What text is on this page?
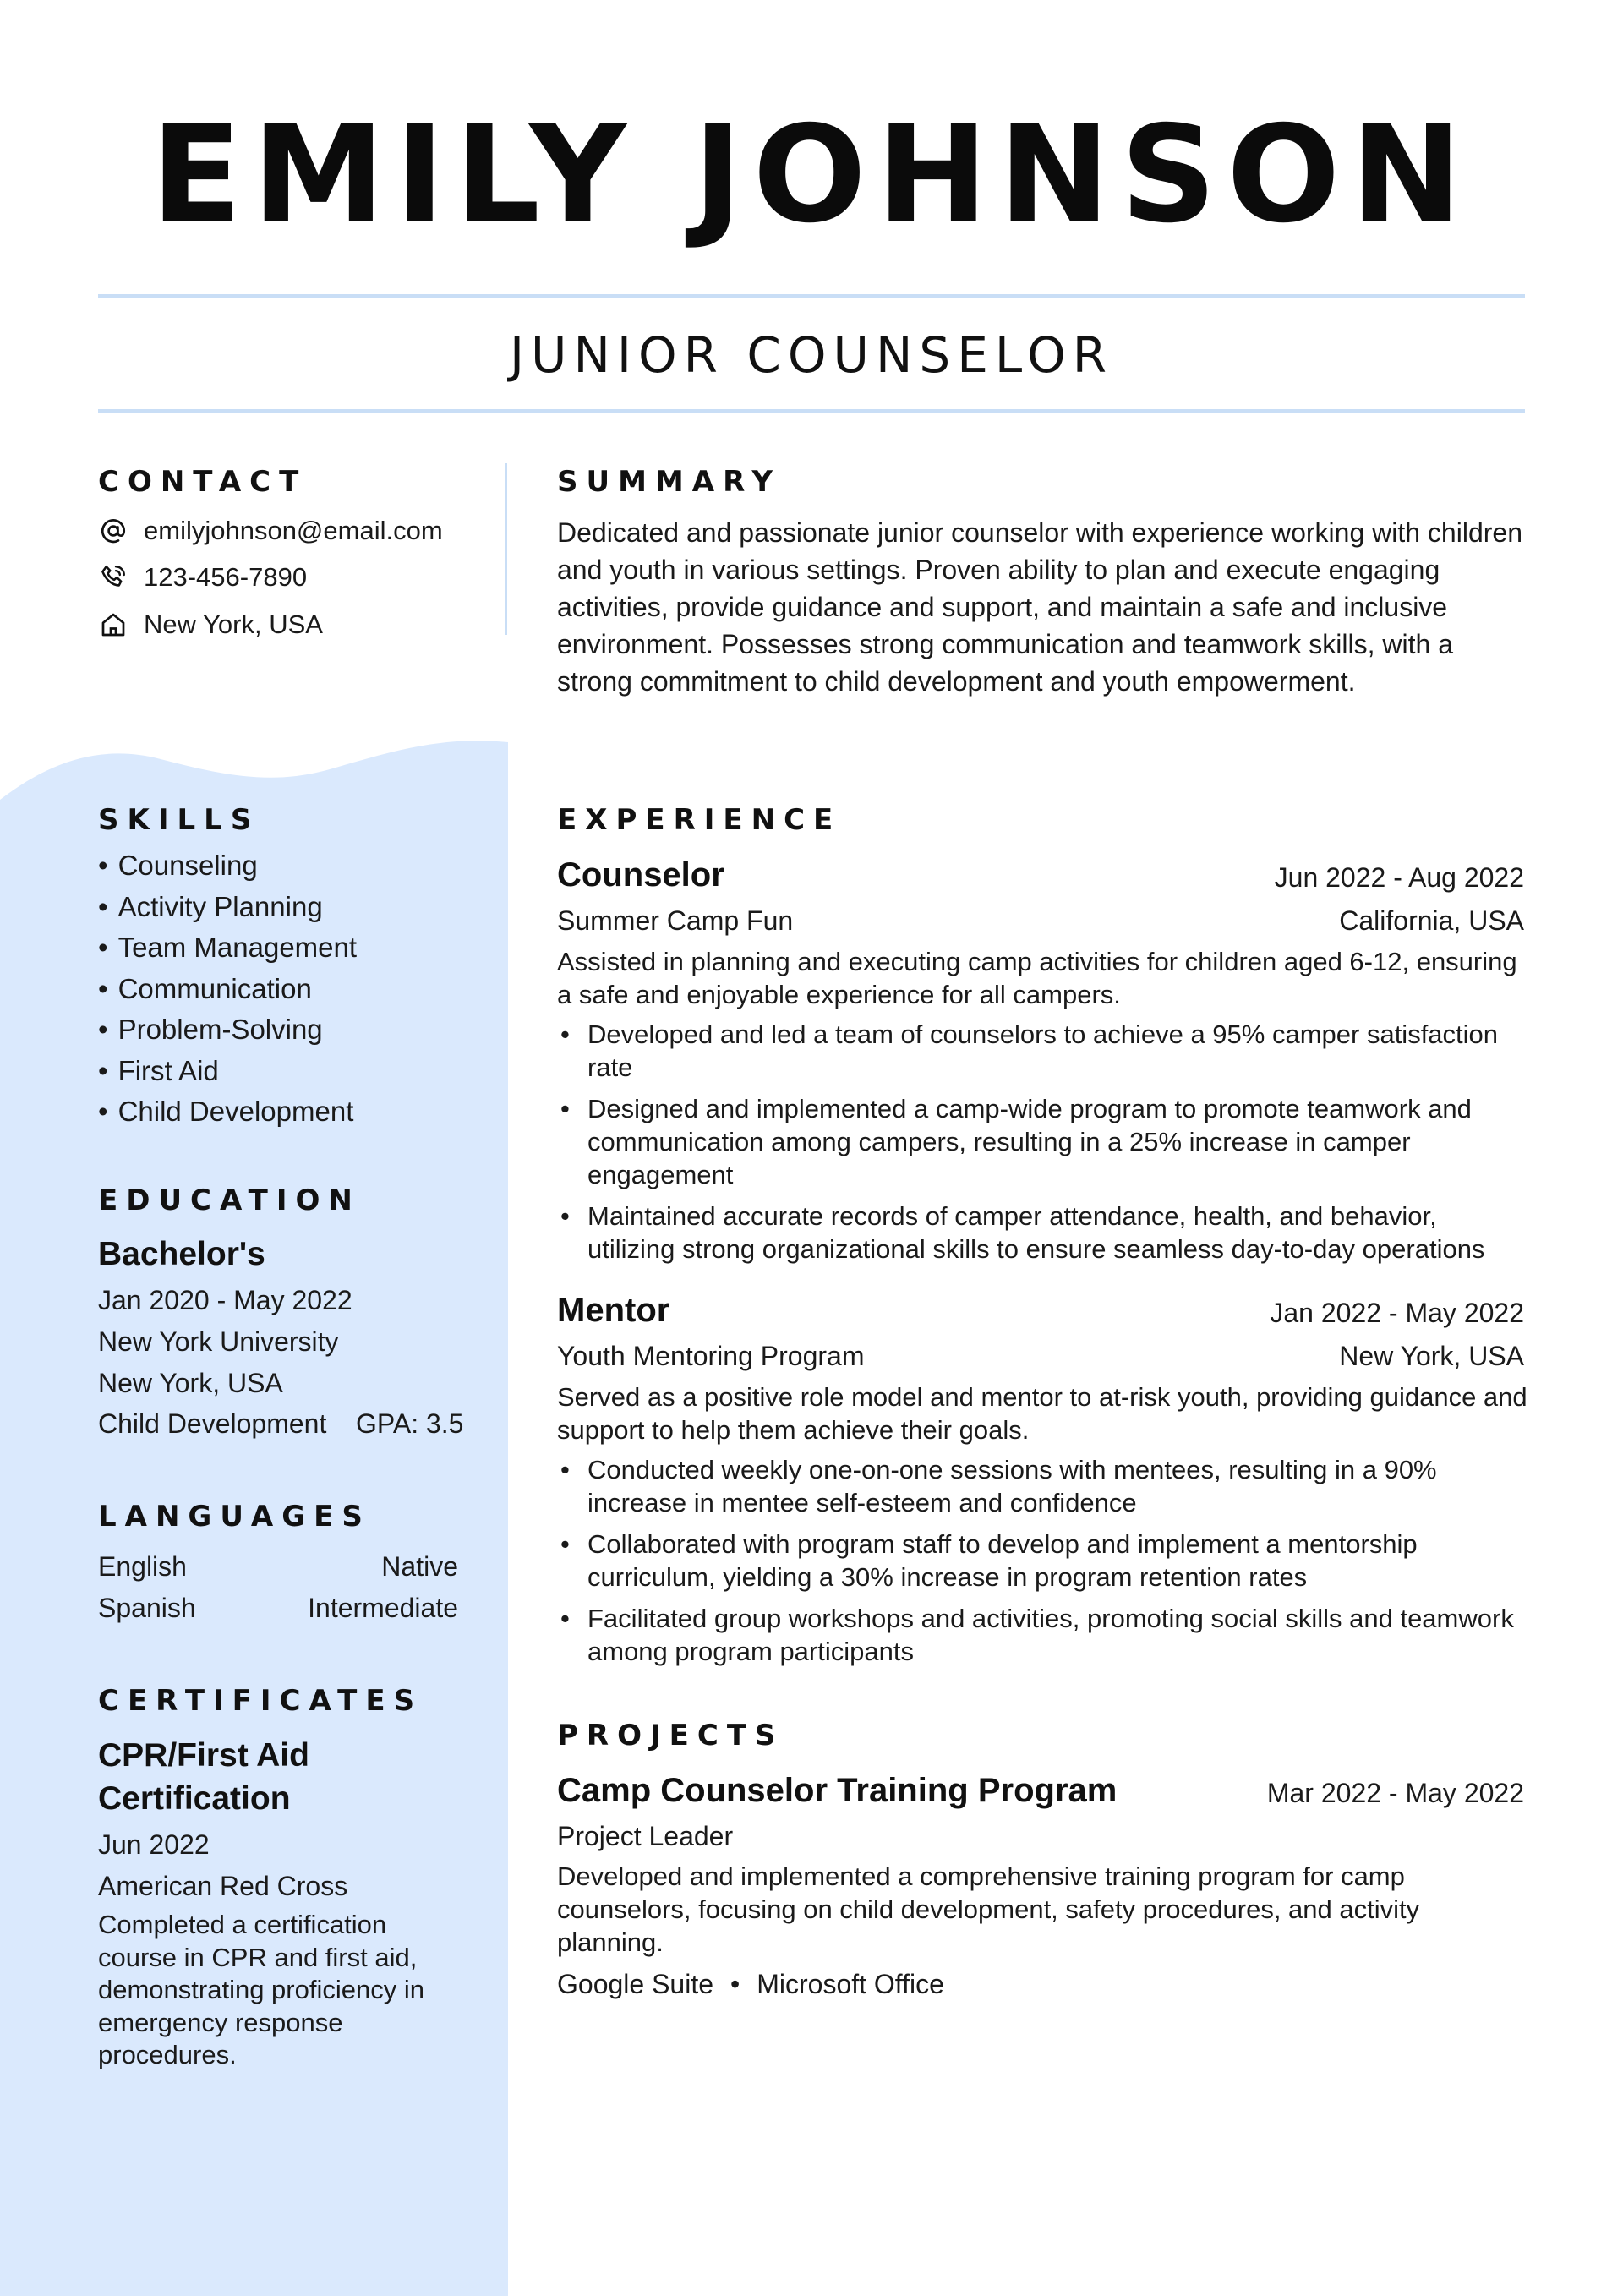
EMILY JOHNSON
JUNIOR COUNSELOR
CONTACT
emilyjohnson@email.com
123-456-7890
New York, USA
SUMMARY

Dedicated and passionate junior counselor with experience working with children and youth in various settings. Proven ability to plan and execute engaging activities, provide guidance and support, and maintain a safe and inclusive environment. Possesses strong communication and teamwork skills, with a strong commitment to child development and youth empowerment.

SKILLS
• Counseling
• Activity Planning
• Team Management
• Communication
• Problem-Solving
• First Aid
• Child Development
EDUCATION
Bachelor's
Jan 2020 - May 2022
New York University
New York, USA
Child Development GPA: 3.5
LANGUAGES
English	Native
Spanish	Intermediate
CERTIFICATES
CPR/First Aid
Certification
Jun 2022
American Red Cross

Completed a certification course in CPR and first aid, demonstrating proficiency in emergency response procedures.

EXPERIENCE
Counselor	Jun 2022 - Aug 2022
Summer Camp Fun	California, USA

Assisted in planning and executing camp activities for children aged 6-12, ensuring a safe and enjoyable experience for all campers.

• Developed and led a team of counselors to achieve a 95% camper satisfaction rate
• Designed and implemented a camp-wide program to promote teamwork and communication among campers, resulting in a 25% increase in camper engagement
• Maintained accurate records of camper attendance, health, and behavior, utilizing strong organizational skills to ensure seamless day-to-day operations
Mentor	Jan 2022 - May 2022
Youth Mentoring Program	New York, USA

Served as a positive role model and mentor to at-risk youth, providing guidance and support to help them achieve their goals.

• Conducted weekly one-on-one sessions with mentees, resulting in a 90% increase in mentee self-esteem and confidence
• Collaborated with program staff to develop and implement a mentorship curriculum, yielding a 30% increase in program retention rates
• Facilitated group workshops and activities, promoting social skills and teamwork among program participants
PROJECTS
Camp Counselor Training Program	Mar 2022 - May 2022
Project Leader

Developed and implemented a comprehensive training program for camp counselors, focusing on child development, safety procedures, and activity planning.

Google Suite • Microsoft Office
